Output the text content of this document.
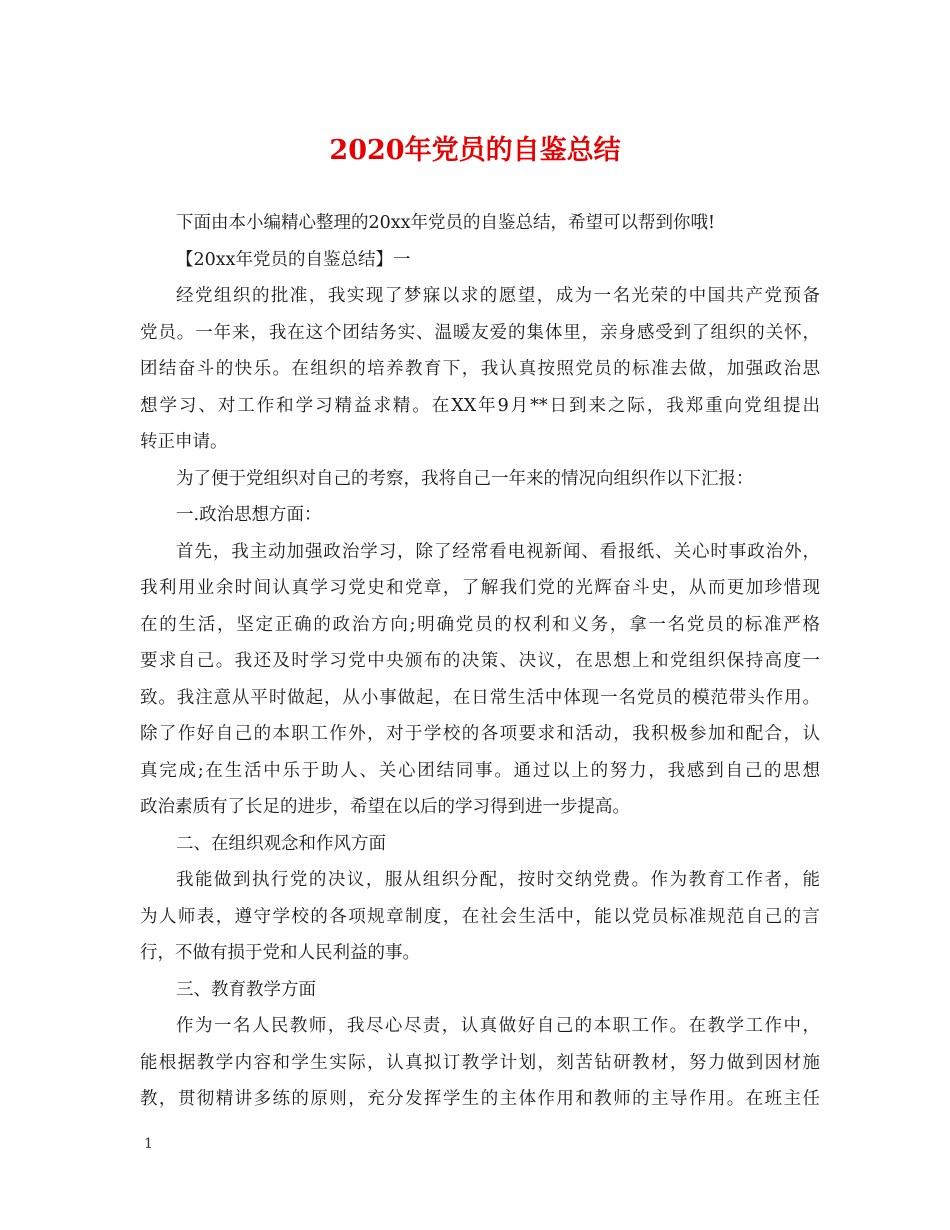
2020年党员的自鉴总结
下面由本小编精心整理的20xx年党员的自鉴总结，希望可以帮到你哦!
【20xx年党员的自鉴总结】一
经党组织的批准，我实现了梦寐以求的愿望，成为一名光荣的中国共产党预备
党员。一年来，我在这个团结务实、温暖友爱的集体里，亲身感受到了组织的关怀，
团结奋斗的快乐。在组织的培养教育下，我认真按照党员的标准去做，加强政治思
想学习、对工作和学习精益求精。在XX年9月**日到来之际，我郑重向党组提出
转正申请。
为了便于党组织对自己的考察，我将自己一年来的情况向组织作以下汇报：
一.政治思想方面：
首先，我主动加强政治学习，除了经常看电视新闻、看报纸、关心时事政治外，
我利用业余时间认真学习党史和党章，了解我们党的光辉奋斗史，从而更加珍惜现
在的生活，坚定正确的政治方向;明确党员的权利和义务，拿一名党员的标准严格
要求自己。我还及时学习党中央颁布的决策、决议，在思想上和党组织保持高度一
致。我注意从平时做起，从小事做起，在日常生活中体现一名党员的模范带头作用。
除了作好自己的本职工作外，对于学校的各项要求和活动，我积极参加和配合，认
真完成;在生活中乐于助人、关心团结同事。通过以上的努力，我感到自己的思想
政治素质有了长足的进步，希望在以后的学习得到进一步提高。
二、在组织观念和作风方面
我能做到执行党的决议，服从组织分配，按时交纳党费。作为教育工作者，能
为人师表，遵守学校的各项规章制度，在社会生活中，能以党员标准规范自己的言
行，不做有损于党和人民利益的事。
三、教育教学方面
作为一名人民教师，我尽心尽责，认真做好自己的本职工作。在教学工作中，
能根据教学内容和学生实际，认真拟订教学计划，刻苦钻研教材，努力做到因材施
教，贯彻精讲多练的原则，充分发挥学生的主体作用和教师的主导作用。在班主任
1
